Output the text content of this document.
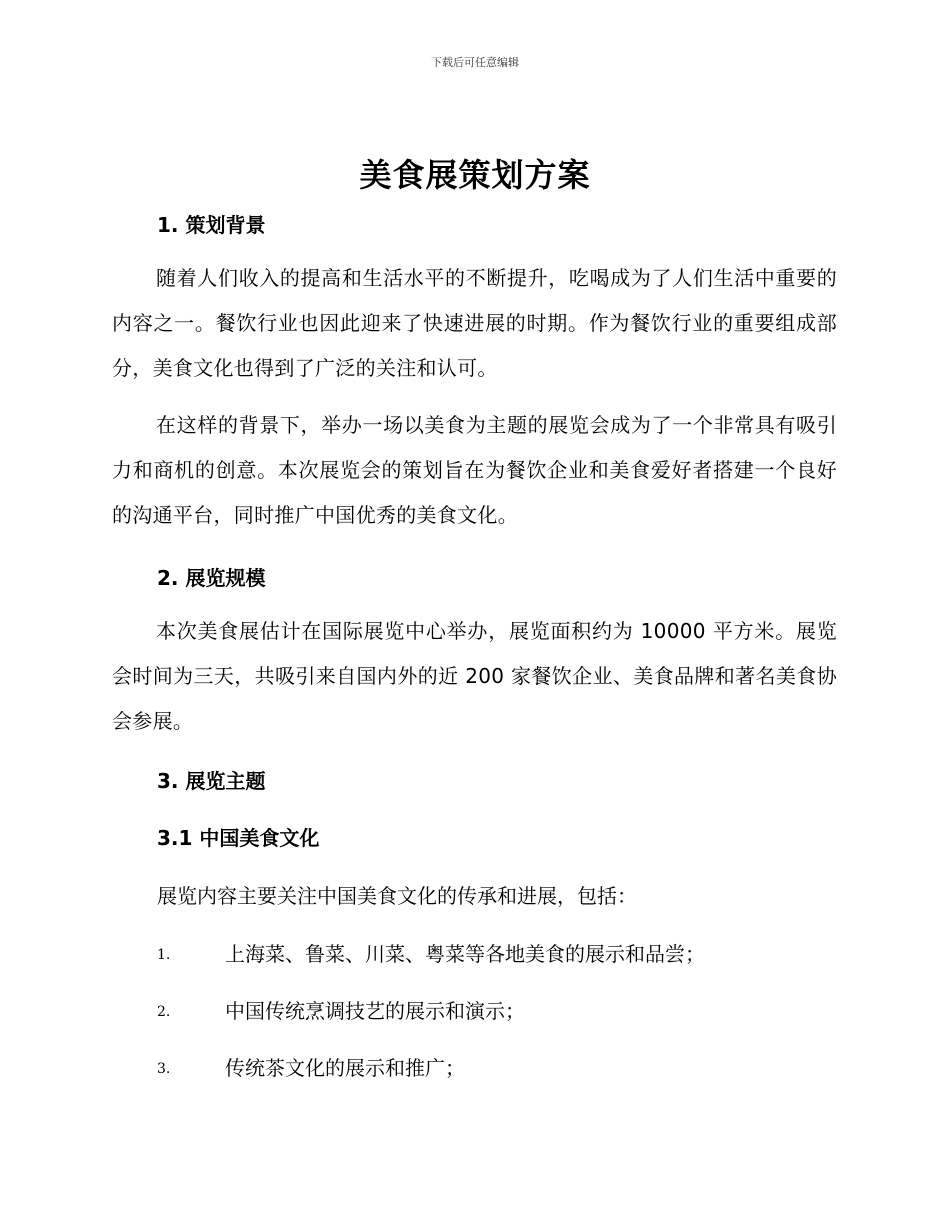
下载后可任意编辑
美食展策划方案
1. 策划背景
随着人们收入的提高和生活水平的不断提升，吃喝成为了人们生活中重要的内容之一。餐饮行业也因此迎来了快速进展的时期。作为餐饮行业的重要组成部分，美食文化也得到了广泛的关注和认可。
在这样的背景下，举办一场以美食为主题的展览会成为了一个非常具有吸引力和商机的创意。本次展览会的策划旨在为餐饮企业和美食爱好者搭建一个良好的沟通平台，同时推广中国优秀的美食文化。
2. 展览规模
本次美食展估计在国际展览中心举办，展览面积约为 10000 平方米。展览会时间为三天，共吸引来自国内外的近 200 家餐饮企业、美食品牌和著名美食协会参展。
3. 展览主题
3.1 中国美食文化
展览内容主要关注中国美食文化的传承和进展，包括：
1.	上海菜、鲁菜、川菜、粤菜等各地美食的展示和品尝；
2.	中国传统烹调技艺的展示和演示；
3.	传统茶文化的展示和推广；
